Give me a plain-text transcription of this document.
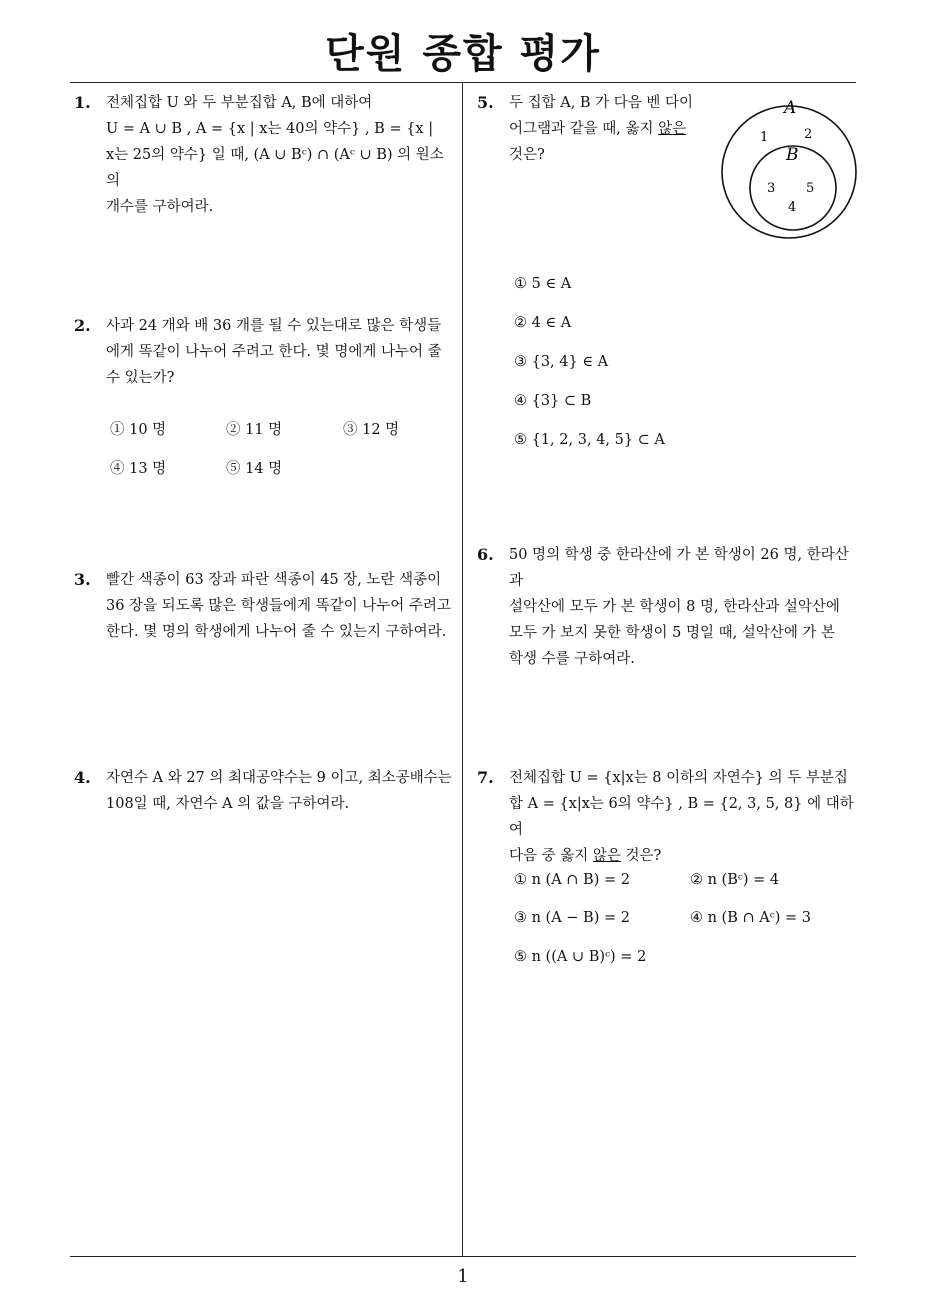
단원 종합 평가
1
1. 전체집합 U 와 두 부분집합 A, B에 대하여
U = A ∪ B , A = {x | x는 40의 약수} , B = {x |
x는 25의 약수} 일 때, (A ∪ Bᶜ) ∩ (Aᶜ ∪ B) 의 원소의
개수를 구하여라.
2. 사과 24 개와 배 36 개를 될 수 있는대로 많은 학생들
에게 똑같이 나누어 주려고 한다. 몇 명에게 나누어 줄
수 있는가?
① 10 명	② 11 명	③ 12 명
④ 13 명	⑤ 14 명
3. 빨간 색종이 63 장과 파란 색종이 45 장, 노란 색종이
36 장을 되도록 많은 학생들에게 똑같이 나누어 주려고
한다. 몇 명의 학생에게 나누어 줄 수 있는지 구하여라.
4. 자연수 A 와 27 의 최대공약수는 9 이고, 최소공배수는
108일 때, 자연수 A 의 값을 구하여라.
5. 두 집합 A, B 가 다음 벤 다이
어그램과 같을 때, 옳지 않은
것은?
A
B
1	2
3 5
4
① 5 ∈ A
② 4 ∈ A
③ {3, 4} ∈ A
④ {3} ⊂ B
⑤ {1, 2, 3, 4, 5} ⊂ A
6. 50 명의 학생 중 한라산에 가 본 학생이 26 명, 한라산과
설악산에 모두 가 본 학생이 8 명, 한라산과 설악산에
모두 가 보지 못한 학생이 5 명일 때, 설악산에 가 본
학생 수를 구하여라.
7. 전체집합 U = {x|x는 8 이하의 자연수} 의 두 부분집
합 A = {x|x는 6의 약수} , B = {2, 3, 5, 8} 에 대하여
다음 중 옳지 않은 것은?
① n (A ∩ B) = 2	② n (Bᶜ) = 4
③ n (A − B) = 2	④ n (B ∩ Aᶜ) = 3
⑤ n ((A ∪ B)ᶜ) = 2
